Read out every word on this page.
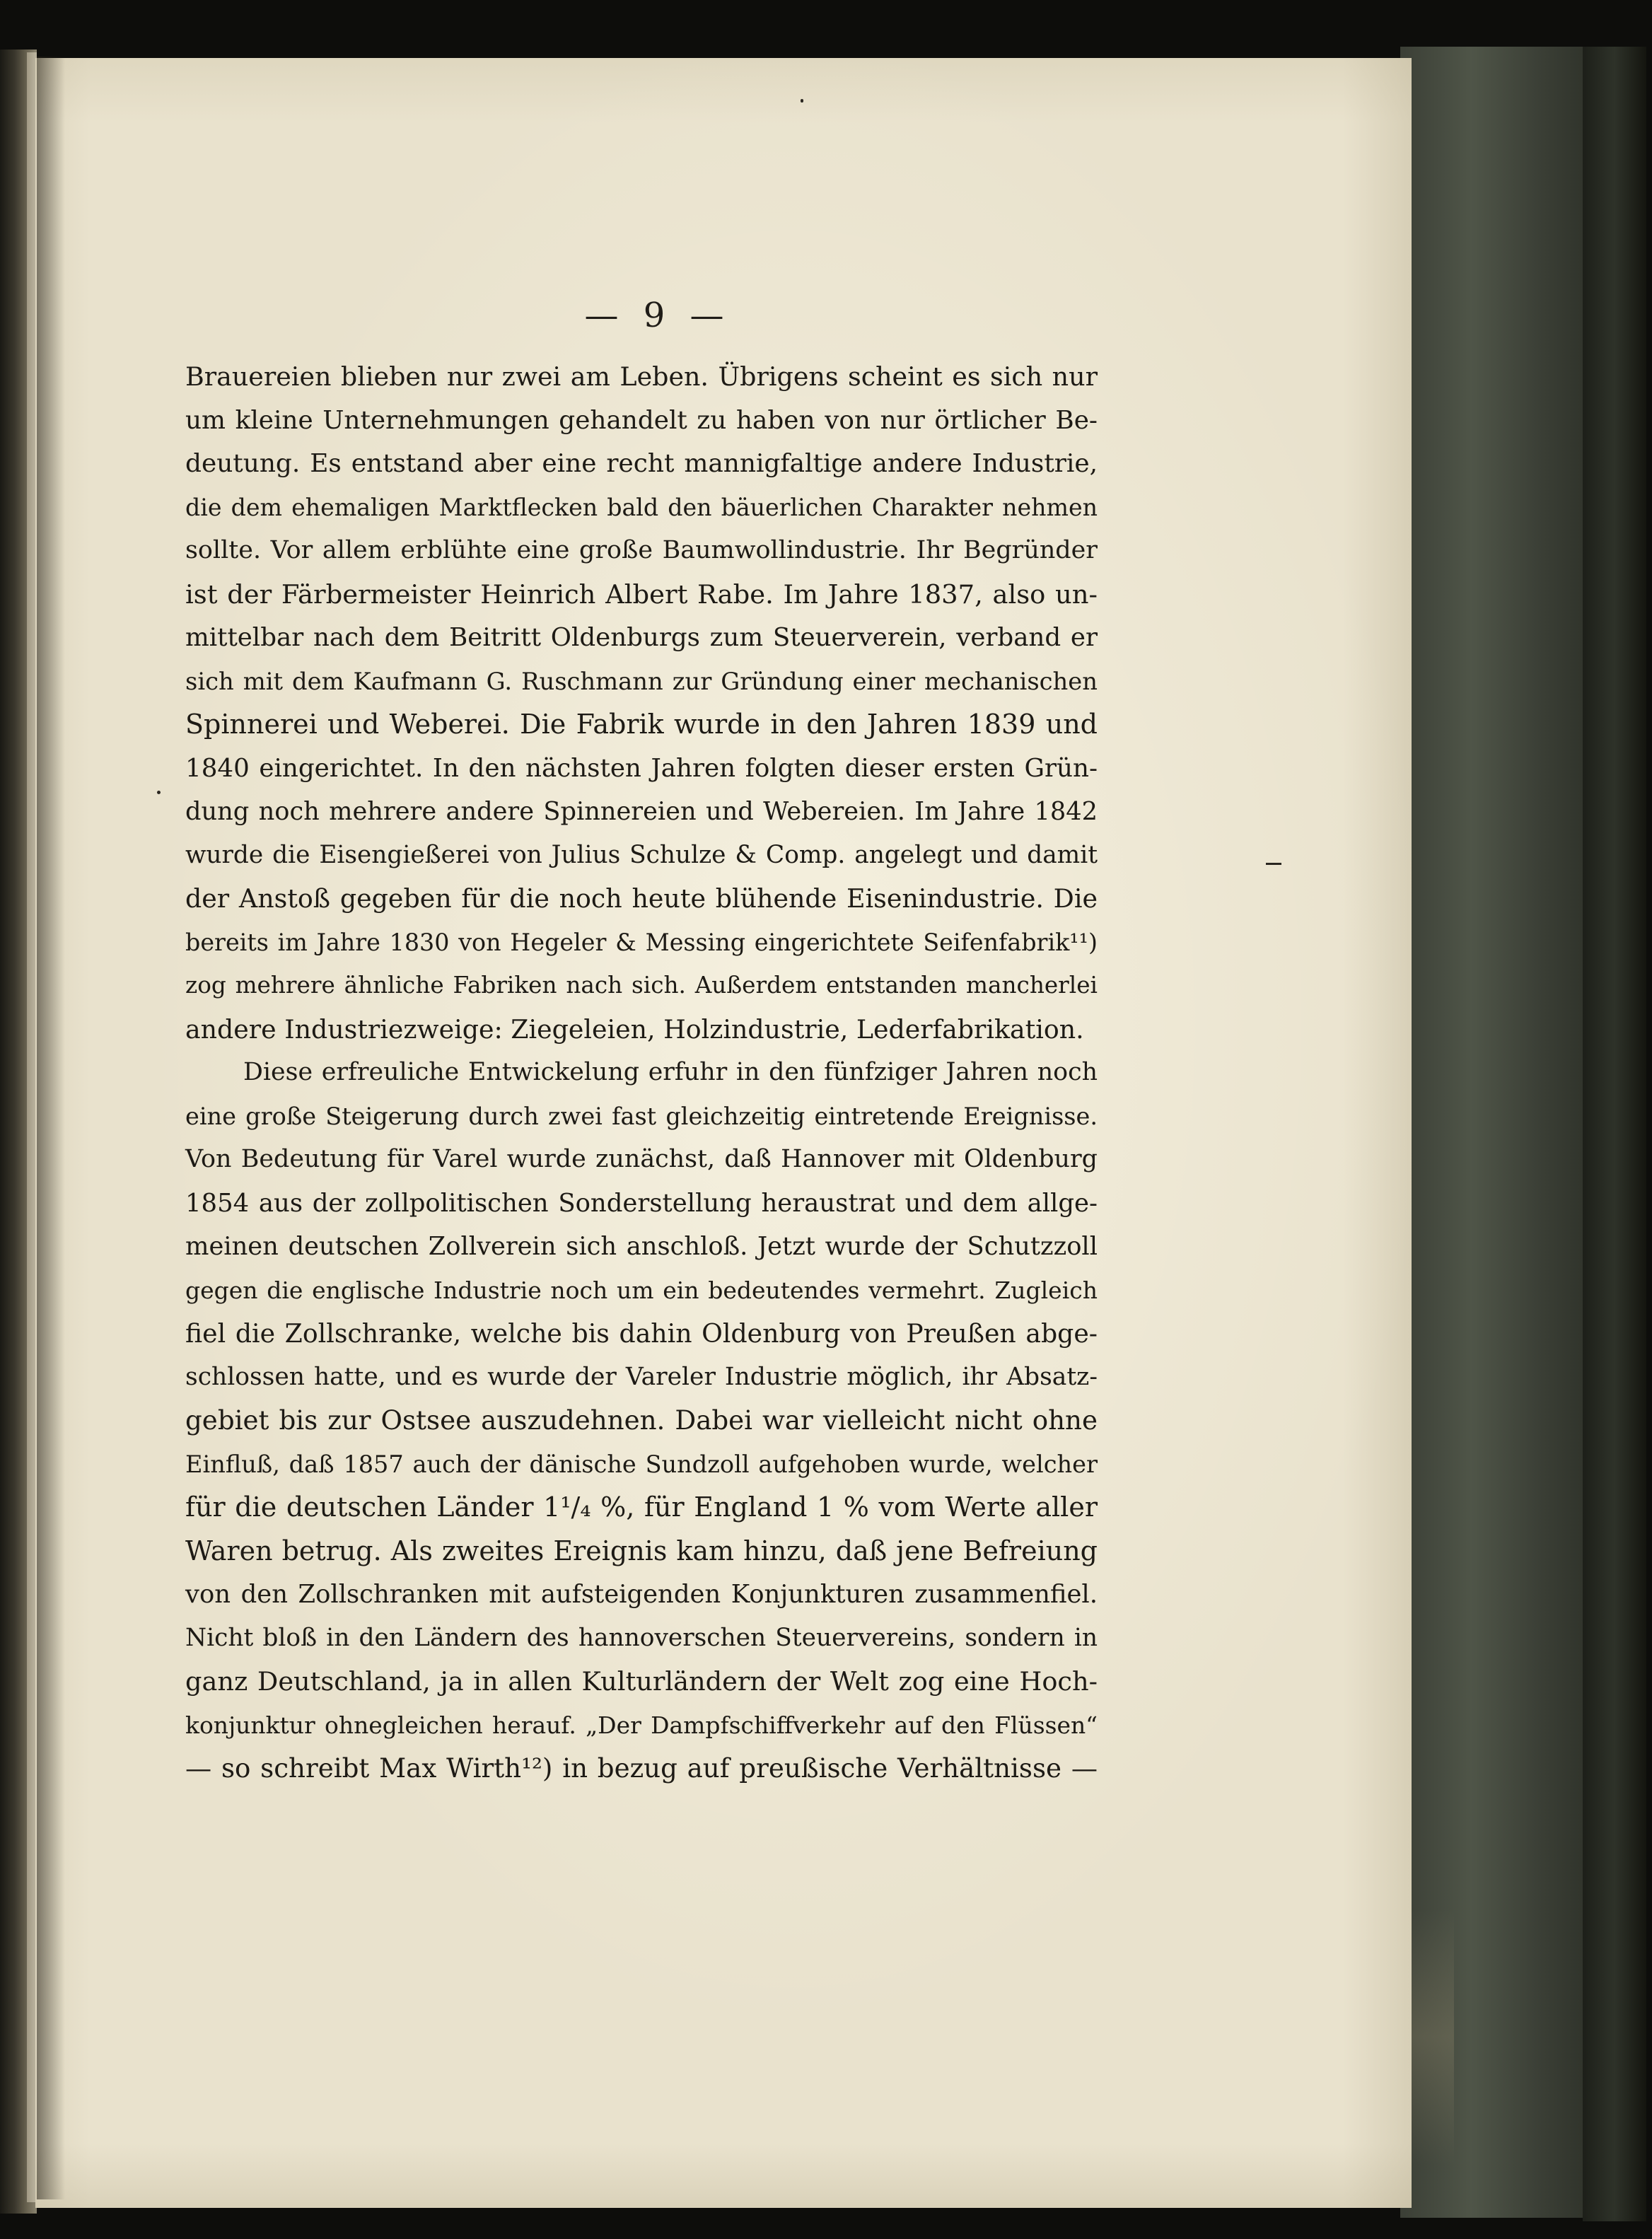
— 9 —
Brauereien blieben nur zwei am Leben. Übrigens scheint es sich nur
um kleine Unternehmungen gehandelt zu haben von nur örtlicher Be-
deutung. Es entstand aber eine recht mannigfaltige andere Industrie,
die dem ehemaligen Marktflecken bald den bäuerlichen Charakter nehmen
sollte. Vor allem erblühte eine große Baumwollindustrie. Ihr Begründer
ist der Färbermeister Heinrich Albert Rabe. Im Jahre 1837, also un-
mittelbar nach dem Beitritt Oldenburgs zum Steuerverein, verband er
sich mit dem Kaufmann G. Ruschmann zur Gründung einer mechanischen
Spinnerei und Weberei. Die Fabrik wurde in den Jahren 1839 und
1840 eingerichtet. In den nächsten Jahren folgten dieser ersten Grün-
dung noch mehrere andere Spinnereien und Webereien. Im Jahre 1842
wurde die Eisengießerei von Julius Schulze & Comp. angelegt und damit
der Anstoß gegeben für die noch heute blühende Eisenindustrie. Die
bereits im Jahre 1830 von Hegeler & Messing eingerichtete Seifenfabrik¹¹)
zog mehrere ähnliche Fabriken nach sich. Außerdem entstanden mancherlei
andere Industriezweige: Ziegeleien, Holzindustrie, Lederfabrikation.
Diese erfreuliche Entwickelung erfuhr in den fünfziger Jahren noch
eine große Steigerung durch zwei fast gleichzeitig eintretende Ereignisse.
Von Bedeutung für Varel wurde zunächst, daß Hannover mit Oldenburg
1854 aus der zollpolitischen Sonderstellung heraustrat und dem allge-
meinen deutschen Zollverein sich anschloß. Jetzt wurde der Schutzzoll
gegen die englische Industrie noch um ein bedeutendes vermehrt. Zugleich
fiel die Zollschranke, welche bis dahin Oldenburg von Preußen abge-
schlossen hatte, und es wurde der Vareler Industrie möglich, ihr Absatz-
gebiet bis zur Ostsee auszudehnen. Dabei war vielleicht nicht ohne
Einfluß, daß 1857 auch der dänische Sundzoll aufgehoben wurde, welcher
für die deutschen Länder 1¹/₄ %, für England 1 % vom Werte aller
Waren betrug. Als zweites Ereignis kam hinzu, daß jene Befreiung
von den Zollschranken mit aufsteigenden Konjunkturen zusammenfiel.
Nicht bloß in den Ländern des hannoverschen Steuervereins, sondern in
ganz Deutschland, ja in allen Kulturländern der Welt zog eine Hoch-
konjunktur ohnegleichen herauf. „Der Dampfschiffverkehr auf den Flüssen“
— so schreibt Max Wirth¹²) in bezug auf preußische Verhältnisse —
